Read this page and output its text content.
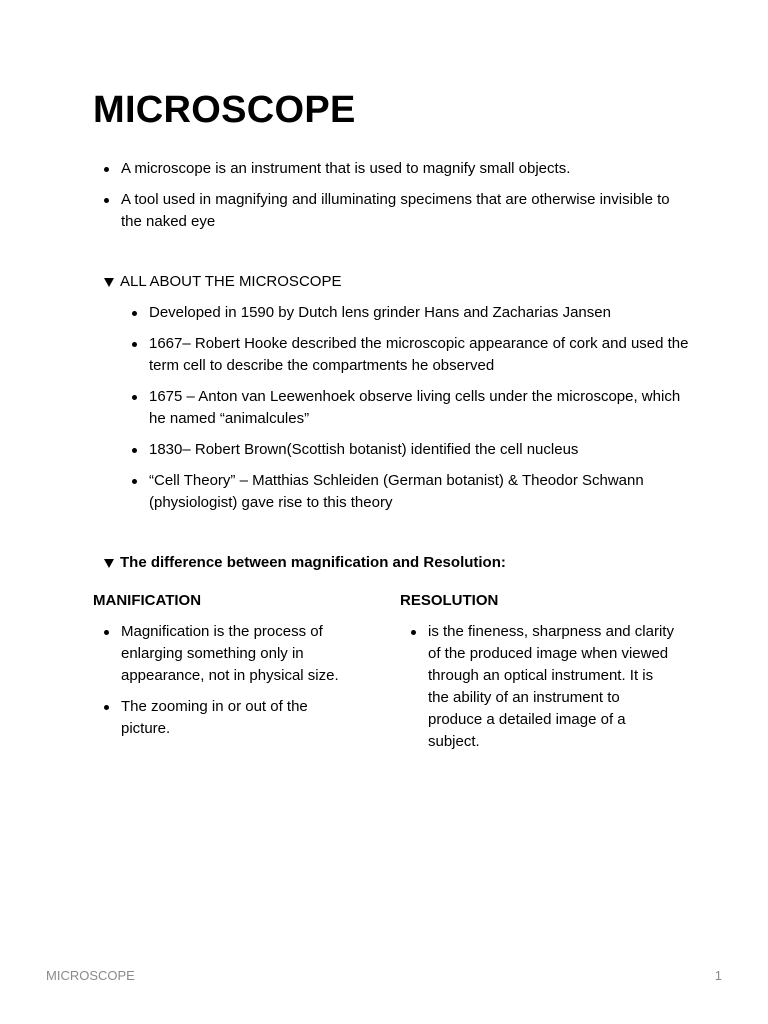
MICROSCOPE
A microscope is an instrument that is used to magnify small objects.
A tool used in magnifying and illuminating specimens that are otherwise invisible to the naked eye
ALL ABOUT THE MICROSCOPE
Developed in 1590 by Dutch lens grinder Hans and Zacharias Jansen
1667– Robert Hooke described the microscopic appearance of cork and used the term cell to describe the compartments he observed
1675 – Anton van Leewenhoek observe living cells under the microscope, which he named “animalcules”
1830– Robert Brown(Scottish botanist) identified the cell nucleus
“Cell Theory” – Matthias Schleiden (German botanist) & Theodor Schwann (physiologist) gave rise to this theory
The difference between magnification and Resolution:
MANIFICATION	RESOLUTION
Magnification is the process of enlarging something only in appearance, not in physical size.
The zooming in or out of the picture.
is the fineness, sharpness and clarity of the produced image when viewed through an optical instrument. It is the ability of an instrument to produce a detailed image of a subject.
MICROSCOPE	1
